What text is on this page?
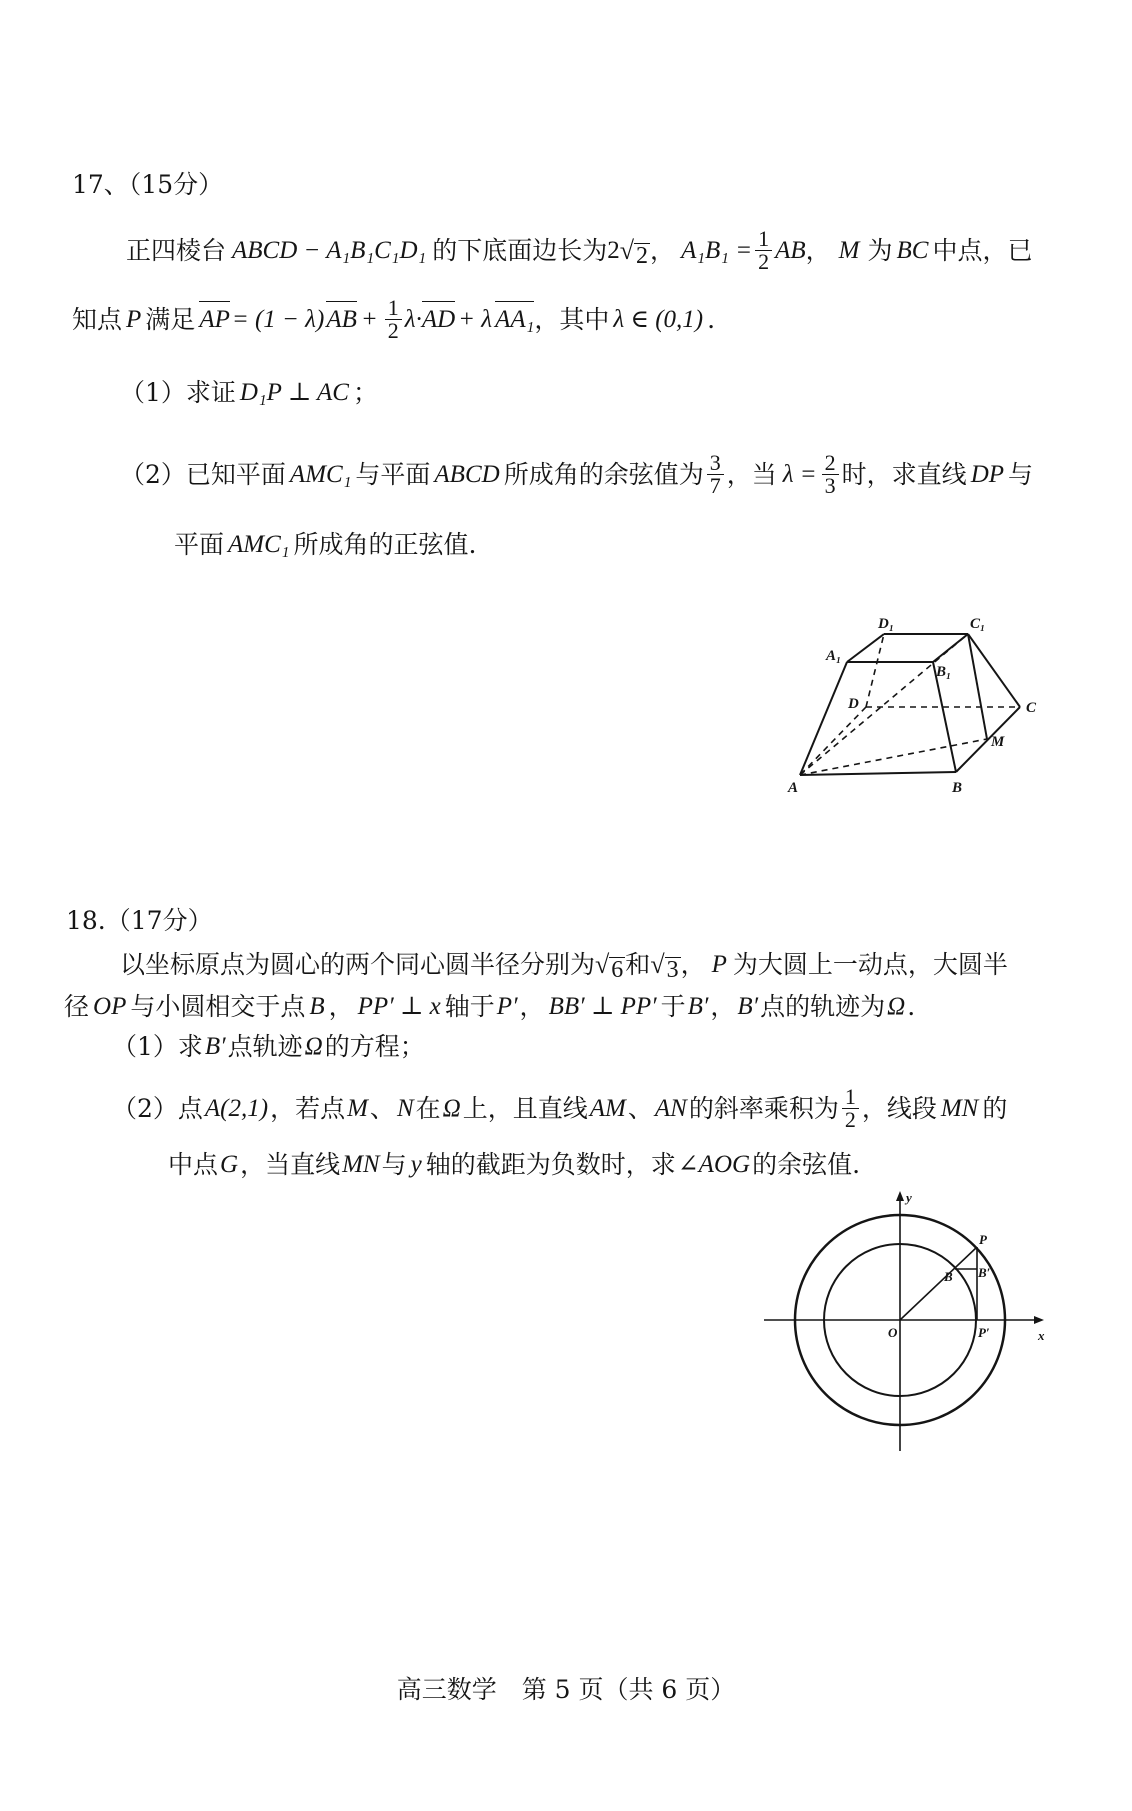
17、（15分）
正四棱台 ABCD − A₁B₁C₁D₁ 的下底面边长为 2 √ 2 ， $A_1B_1 = \frac{1}{2}$ AB ， M 为 BC 中点，已
知点 P 满足 AP = (1 − λ) AB + $\frac{1}{2} \lambda\cdot$ AD + λ AA₁ ，其中 λ ∈ (0,1) .
（1）求证 D₁P ⊥ AC ；
（2）已知平面 AMC₁ 与平面 ABCD 所成角的余弦值为 $\frac{3}{7}$ ，当 $\lambda = \frac{2}{3}$ 时，求直线 DP 与
平面 AMC₁ 所成角的正弦值.
D₁	C₁
A₁
B₁
D	C
M
A	B
18.（17分）
以坐标原点为圆心的两个同心圆半径分别为 √ 6 和 √ 3 ， P 为大圆上一动点，大圆半
径 OP 与小圆相交于点 B ， PP′ ⊥ x 轴于 P′ ， BB′ ⊥ PP′ 于 B′ ， B′ 点的轨迹为 Ω .
（1）求 B′ 点轨迹 Ω 的方程；
（2）点 A(2,1) ，若点 M 、 N 在 Ω 上，且直线 AM 、 AN 的斜率乘积为 $\frac{1}{2}$ ，线段 MN 的
中点 G ，当直线 MN 与 y 轴的截距为负数时，求 ∠AOG 的余弦值.
y
P
B′
B
O	P′	x
高三数学　第 5 页（共 6 页）
